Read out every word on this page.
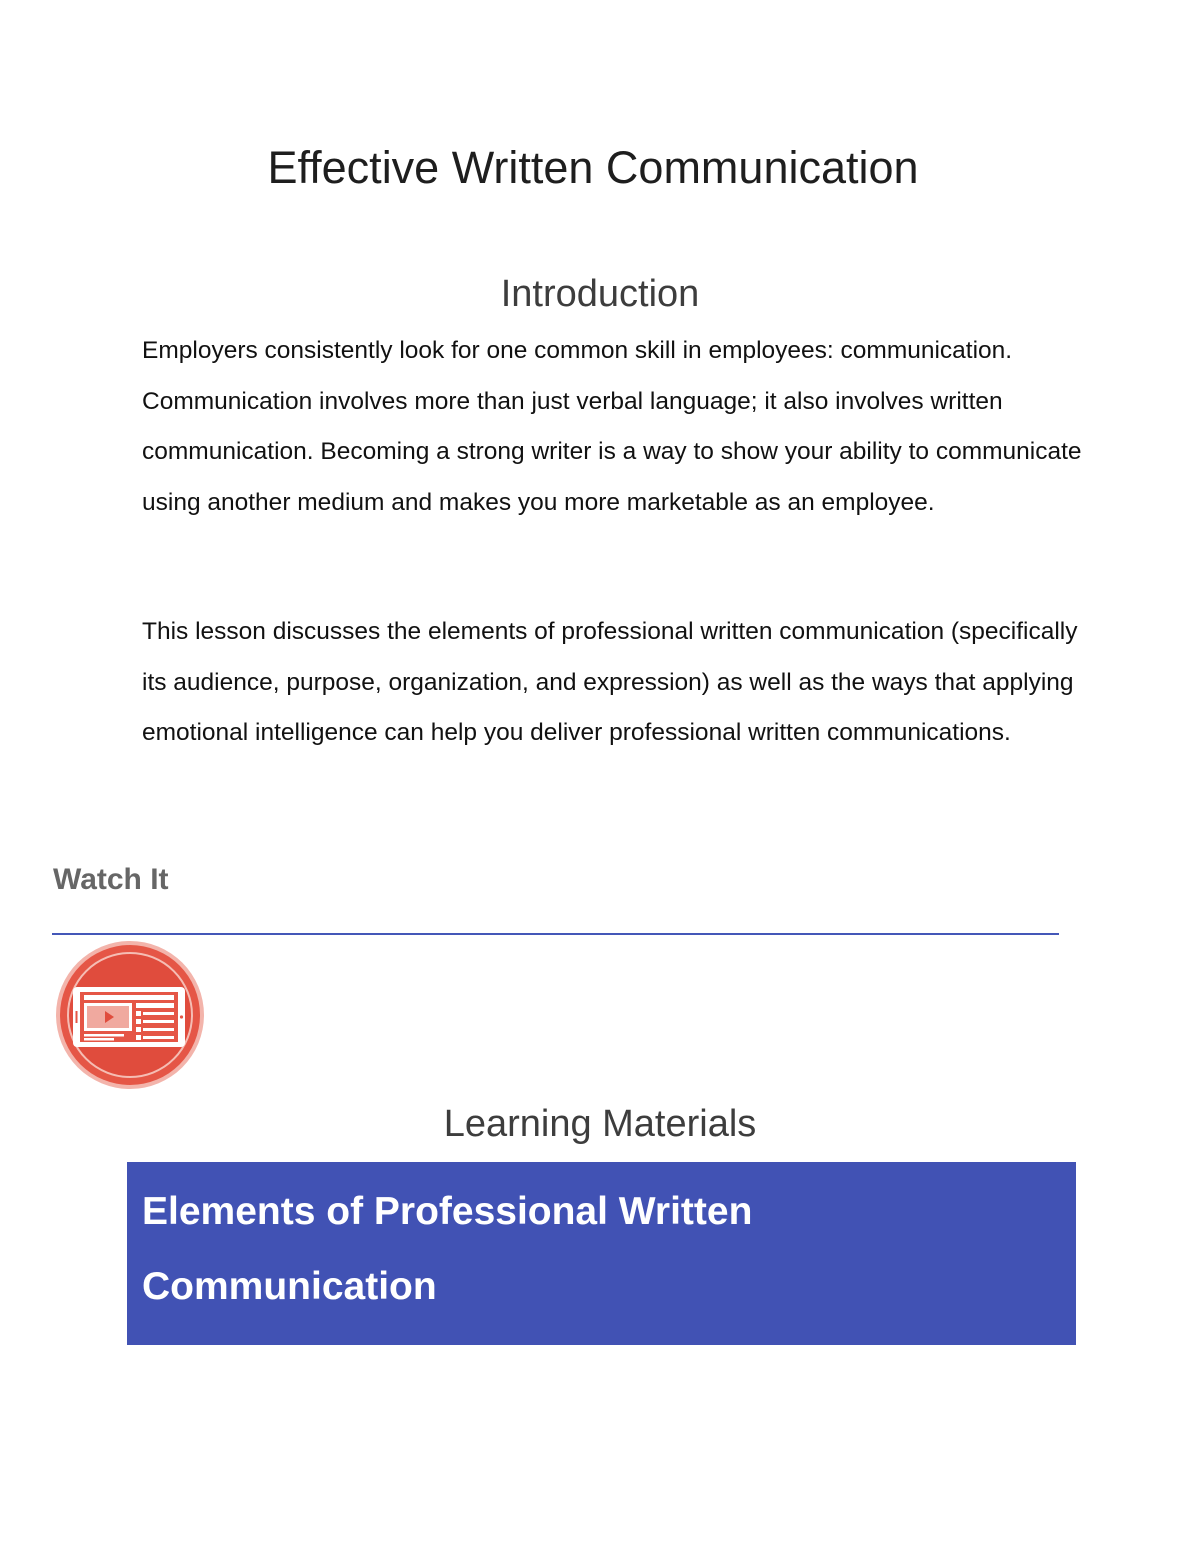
Effective Written Communication
Introduction

Employers consistently look for one common skill in employees: communication. Communication involves more than just verbal language; it also involves written communication. Becoming a strong writer is a way to show your ability to communicate using another medium and makes you more marketable as an employee.

This lesson discusses the elements of professional written communication (specifically its audience, purpose, organization, and expression) as well as the ways that applying emotional intelligence can help you deliver professional written communications.

Watch It
Learning Materials
Elements of Professional Written Communication
